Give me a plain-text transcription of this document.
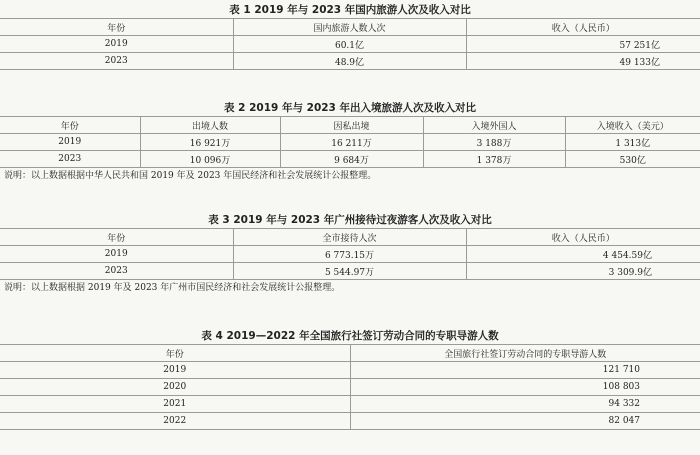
表 1 2019 年与 2023 年国内旅游人次及收入对比
年份	国内旅游人数人次	收入（人民币）
2019	60.1亿	57 251亿
2023	48.9亿	49 133亿
表 2 2019 年与 2023 年出入境旅游人次及收入对比
年份	出境人数	因私出境	入境外国人	入境收入（美元）
2019	16 921万	16 211万	3 188万	1 313亿
2023	10 096万	9 684万	1 378万	530亿
说明：以上数据根据中华人民共和国 2019 年及 2023 年国民经济和社会发展统计公报整理。
表 3 2019 年与 2023 年广州接待过夜游客人次及收入对比
年份	全市接待人次	收入（人民币）
2019	6 773.15万	4 454.59亿
2023	5 544.97万	3 309.9亿
说明：以上数据根据 2019 年及 2023 年广州市国民经济和社会发展统计公报整理。
表 4 2019—2022 年全国旅行社签订劳动合同的专职导游人数
年份	全国旅行社签订劳动合同的专职导游人数
2019	121 710
2020	108 803
2021	94 332
2022	82 047
